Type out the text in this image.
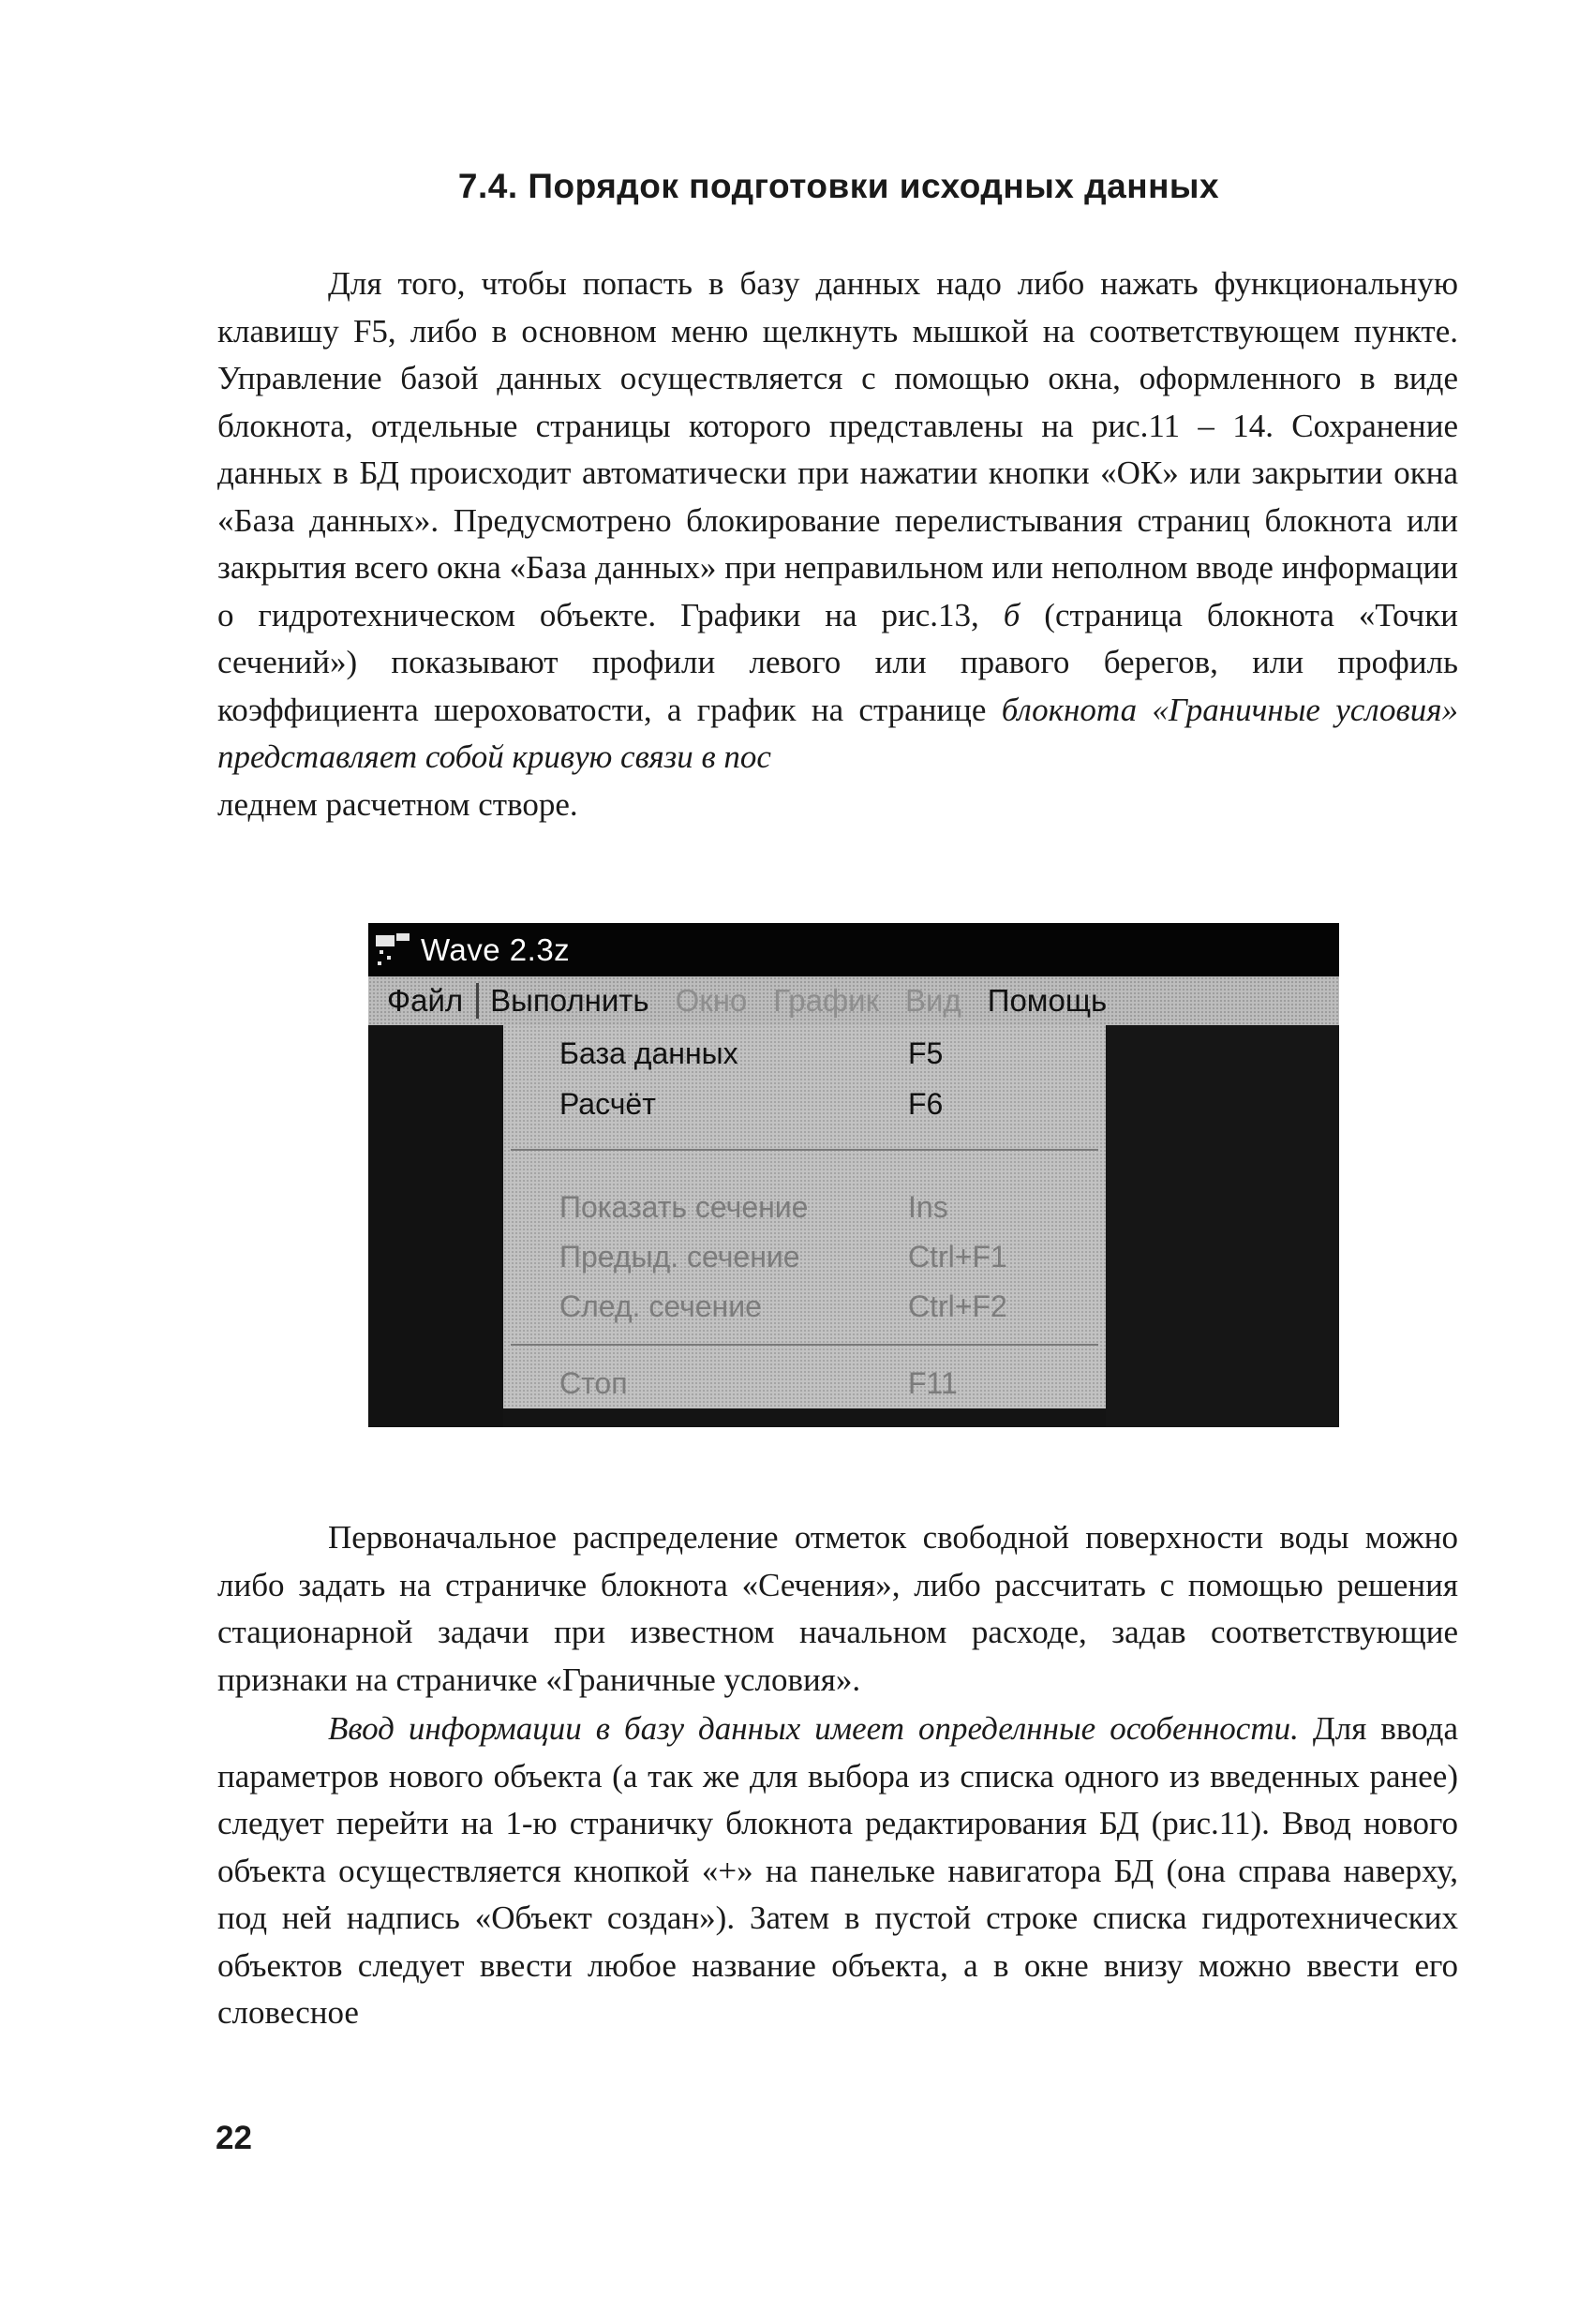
7.4. Порядок подготовки исходных данных

Для того, чтобы попасть в базу данных надо либо нажать функциональную клавишу F5, либо в основном меню щелкнуть мышкой на соответствующем пункте. Управление базой данных осуществляется с помощью окна, оформленного в виде блокнота, отдельные страницы которого представлены на рис.11 – 14. Сохранение данных в БД происходит автоматически при нажатии кнопки «ОК» или закрытии окна «База данных». Предусмотрено блокирование перелистывания страниц блокнота или закрытия всего окна «База данных» при неправильном или неполном вводе информации о гидротехническом объекте. Графики на рис.13, б (страница блокнота «Точки сечений») показывают профили левого или правого берегов, или профиль коэффициента шероховатости, а график на странице блокнота «Граничные условия» представляет собой кривую связи в пос
леднем расчетном створе.

Wave 2.3z
Файл Выполнить Окно График Вид Помощь
База данных	F5
Расчёт	F6
Показать сечение	Ins
Предыд. сечение	Ctrl+F1
След. сечение	Ctrl+F2
Стоп	F11

Первоначальное распределение отметок свободной поверхности воды можно либо задать на страничке блокнота «Сечения», либо рассчитать с помощью решения стационарной задачи при известном начальном расходе, задав соответствующие признаки на страничке «Граничные условия».

Ввод информации в базу данных имеет определнные особенности. Для ввода параметров нового объекта (а так же для выбора из списка одного из введенных ранее) следует перейти на 1-ю страничку блокнота редактирования БД (рис.11). Ввод нового объекта осуществляется кнопкой «+» на панельке навигатора БД (она справа наверху, под ней надпись «Объект создан»). Затем в пустой строке списка гидротехнических объектов следует ввести любое название объекта, а в окне внизу можно ввести его словесное

22
